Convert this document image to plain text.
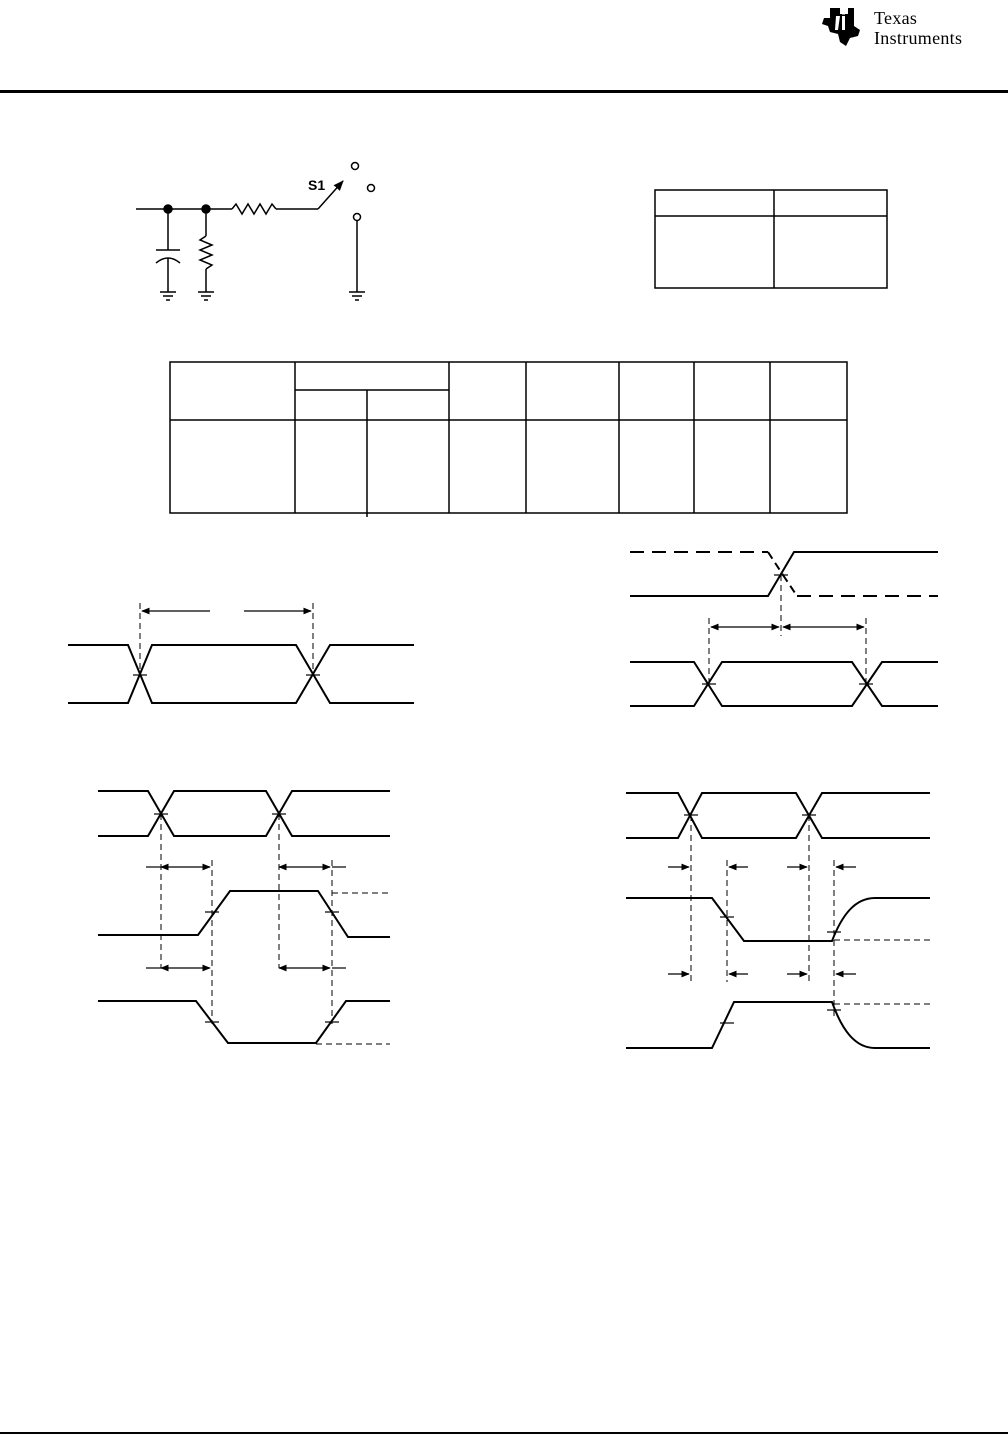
Texas
Instruments
S1
